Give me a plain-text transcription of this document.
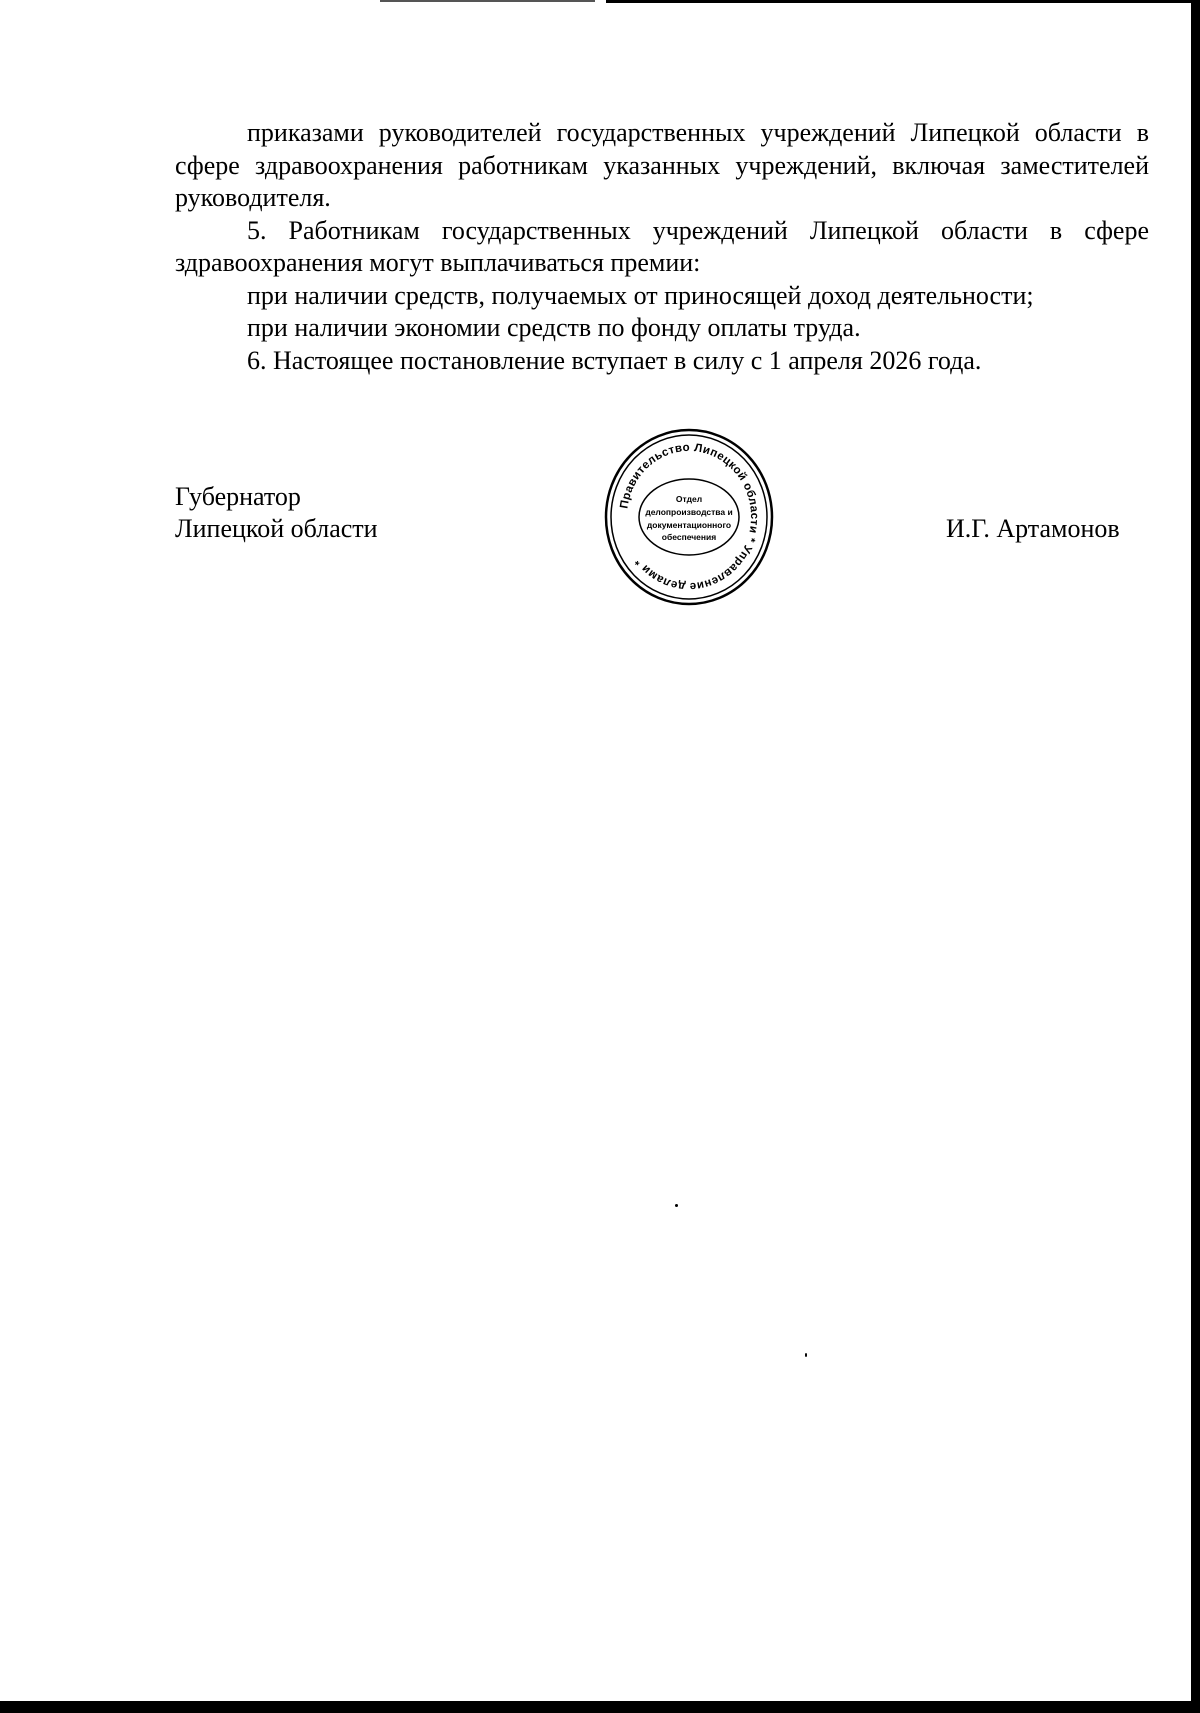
приказами руководителей государственных учреждений Липецкой области в сфере здравоохранения работникам указанных учреждений, включая заместителей руководителя.

5. Работникам государственных учреждений Липецкой области в сфере здравоохранения могут выплачиваться премии:

при наличии средств, получаемых от приносящей доход деятельности;

при наличии экономии средств по фонду оплаты труда.

6. Настоящее постановление вступает в силу с 1 апреля 2026 года.

Губернатор
Липецкой области	И.Г. Артамонов
Правительство Липецкой области * Управление делами *
Отдел
делопроизводства и
документационного
обеспечения
